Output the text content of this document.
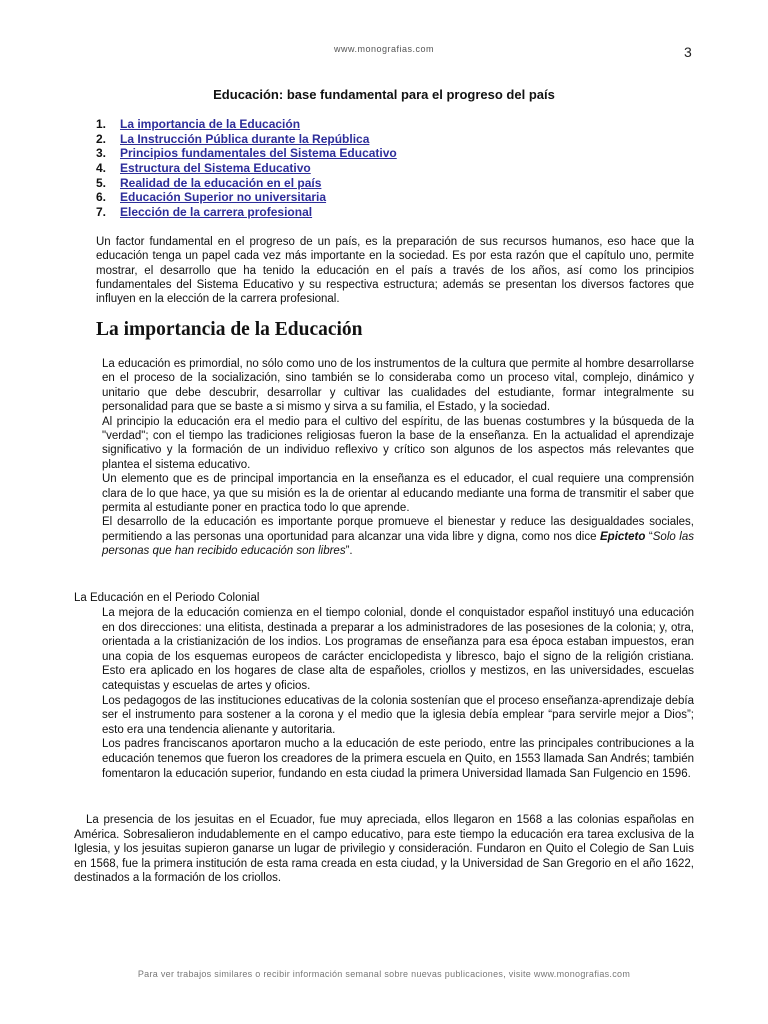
www.monografias.com	3
Educación: base fundamental para el progreso del país
1. La importancia de la Educación
2. La Instrucción Pública durante la República
3. Principios fundamentales del Sistema Educativo
4. Estructura del Sistema Educativo
5. Realidad de la educación en el país
6. Educación Superior no universitaria
7. Elección de la carrera profesional

Un factor fundamental en el progreso de un país, es la preparación de sus recursos humanos, eso hace que la educación tenga un papel cada vez más importante en la sociedad. Es por esta razón que el capítulo uno, permite mostrar, el desarrollo que ha tenido la educación en el país a través de los años, así como los principios fundamentales del Sistema Educativo y su respectiva estructura; además se presentan los diversos factores que influyen en la elección de la carrera profesional.

La importancia de la Educación

La educación es primordial, no sólo como uno de los instrumentos de la cultura que permite al hombre desarrollarse en el proceso de la socialización, sino también se lo consideraba como un proceso vital, complejo, dinámico y unitario que debe descubrir, desarrollar y cultivar las cualidades del estudiante, formar integralmente su personalidad para que se baste a si mismo y sirva a su familia, el Estado, y la sociedad.

Al principio la educación era el medio para el cultivo del espíritu, de las buenas costumbres y la búsqueda de la "verdad"; con el tiempo las tradiciones religiosas fueron la base de la enseñanza. En la actualidad el aprendizaje significativo y la formación de un individuo reflexivo y crítico son algunos de los aspectos más relevantes que plantea el sistema educativo.

Un elemento que es de principal importancia en la enseñanza es el educador, el cual requiere una comprensión clara de lo que hace, ya que su misión es la de orientar al educando mediante una forma de transmitir el saber que permita al estudiante poner en practica todo lo que aprende.

El desarrollo de la educación es importante porque promueve el bienestar y reduce las desigualdades sociales, permitiendo a las personas una oportunidad para alcanzar una vida libre y digna, como nos dice Epicteto “Solo las personas que han recibido educación son libres”.

La Educación en el Periodo Colonial

La mejora de la educación comienza en el tiempo colonial, donde el conquistador español instituyó una educación en dos direcciones: una elitista, destinada a preparar a los administradores de las posesiones de la colonia; y, otra, orientada a la cristianización de los indios. Los programas de enseñanza para esa época estaban impuestos, eran una copia de los esquemas europeos de carácter enciclopedista y libresco, bajo el signo de la religión cristiana. Esto era aplicado en los hogares de clase alta de españoles, criollos y mestizos, en las universidades, escuelas catequistas y escuelas de artes y oficios.

Los pedagogos de las instituciones educativas de la colonia sostenían que el proceso enseñanza-aprendizaje debía ser el instrumento para sostener a la corona y el medio que la iglesia debía emplear “para servirle mejor a Dios”; esto era una tendencia alienante y autoritaria.

Los padres franciscanos aportaron mucho a la educación de este periodo, entre las principales contribuciones a la educación tenemos que fueron los creadores de la primera escuela en Quito, en 1553 llamada San Andrés; también fomentaron la educación superior, fundando en esta ciudad la primera Universidad llamada San Fulgencio en 1596.

La presencia de los jesuitas en el Ecuador, fue muy apreciada, ellos llegaron en 1568 a las colonias españolas en América. Sobresalieron indudablemente en el campo educativo, para este tiempo la educación era tarea exclusiva de la Iglesia, y los jesuitas supieron ganarse un lugar de privilegio y consideración. Fundaron en Quito el Colegio de San Luis en 1568, fue la primera institución de esta rama creada en esta ciudad, y la Universidad de San Gregorio en el año 1622, destinados a la formación de los criollos.

Para ver trabajos similares o recibir información semanal sobre nuevas publicaciones, visite www.monografias.com
